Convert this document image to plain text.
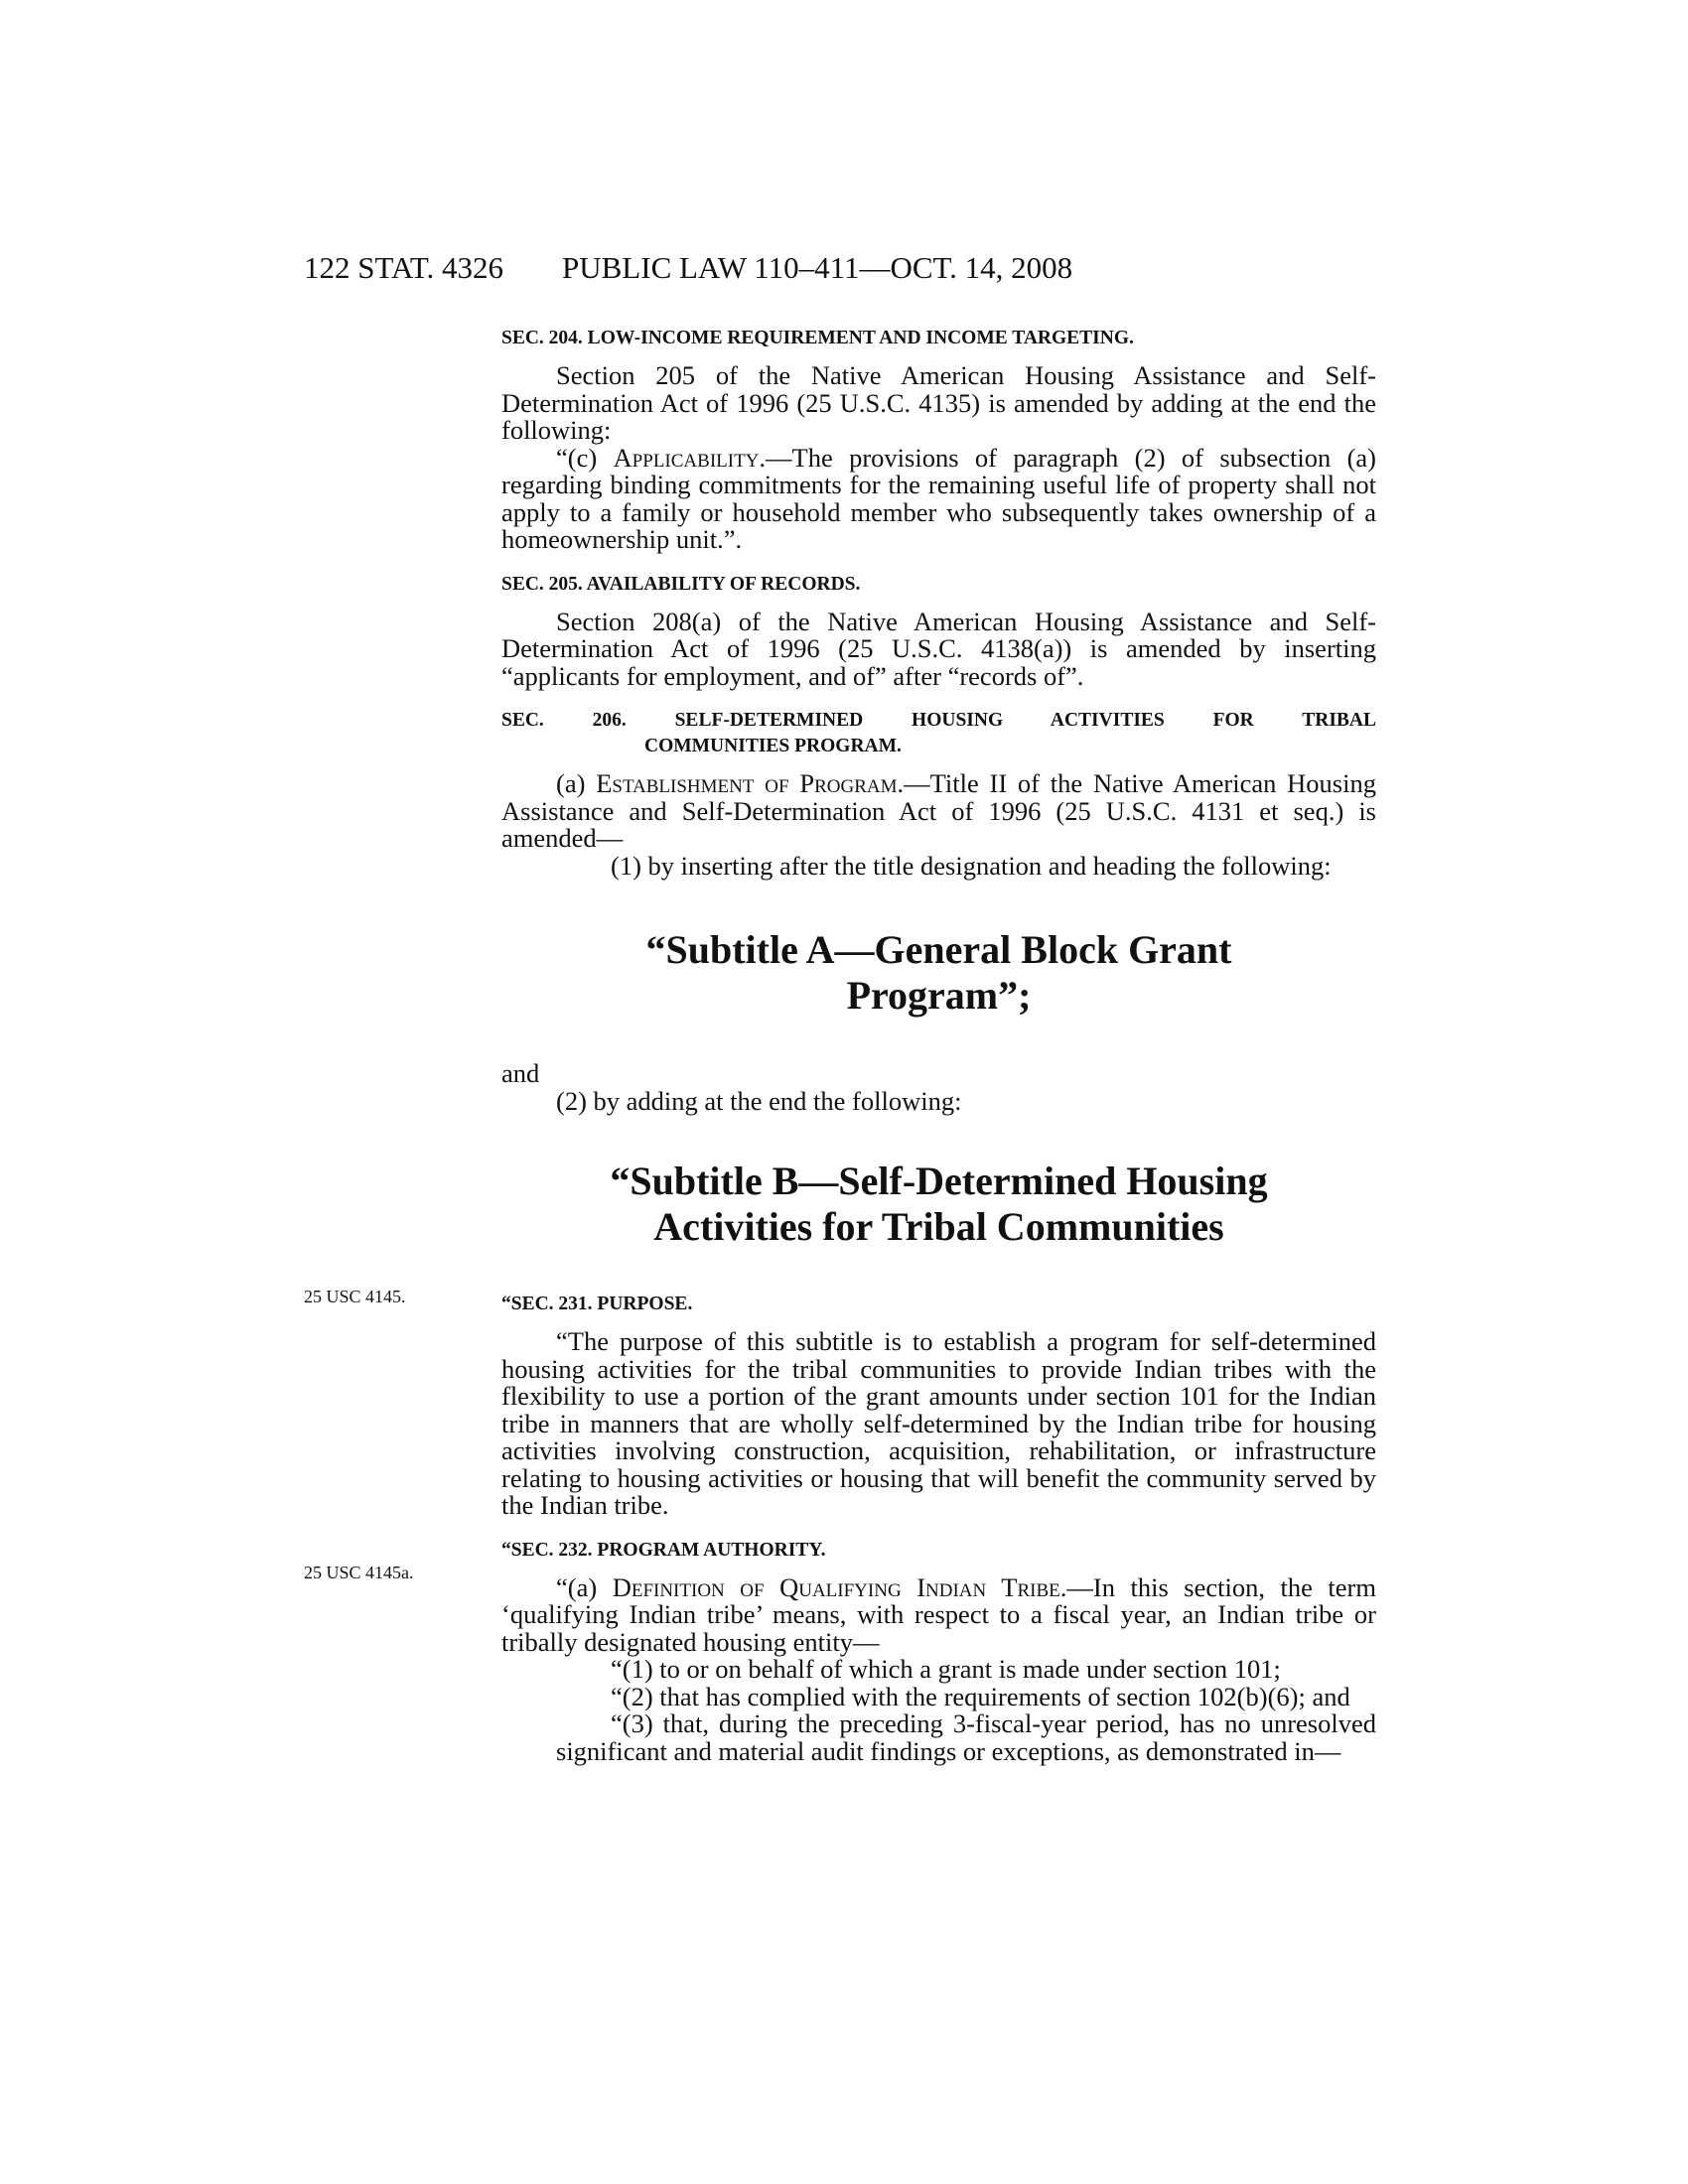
122 STAT. 4326 PUBLIC LAW 110–411—OCT. 14, 2008
25 USC 4145.
25 USC 4145a.
SEC. 204. LOW-INCOME REQUIREMENT AND INCOME TARGETING.

Section 205 of the Native American Housing Assistance and Self-Determination Act of 1996 (25 U.S.C. 4135) is amended by adding at the end the following:

“(c) Applicability.—The provisions of paragraph (2) of subsection (a) regarding binding commitments for the remaining useful life of property shall not apply to a family or household member who subsequently takes ownership of a homeownership unit.”.

SEC. 205. AVAILABILITY OF RECORDS.

Section 208(a) of the Native American Housing Assistance and Self-Determination Act of 1996 (25 U.S.C. 4138(a)) is amended by inserting “applicants for employment, and of” after “records of”.

SEC. 206. SELF-DETERMINED HOUSING ACTIVITIES FOR TRIBAL
COMMUNITIES PROGRAM.

(a) Establishment of Program.—Title II of the Native American Housing Assistance and Self-Determination Act of 1996 (25 U.S.C. 4131 et seq.) is amended—

(1) by inserting after the title designation and heading the following:

“Subtitle A—General Block Grant
Program”;

and

(2) by adding at the end the following:

“Subtitle B—Self-Determined Housing
Activities for Tribal Communities

“SEC. 231. PURPOSE.

“The purpose of this subtitle is to establish a program for self-determined housing activities for the tribal communities to provide Indian tribes with the flexibility to use a portion of the grant amounts under section 101 for the Indian tribe in manners that are wholly self-determined by the Indian tribe for housing activities involving construction, acquisition, rehabilitation, or infrastructure relating to housing activities or housing that will benefit the community served by the Indian tribe.

“SEC. 232. PROGRAM AUTHORITY.

“(a) Definition of Qualifying Indian Tribe.—In this section, the term ‘qualifying Indian tribe’ means, with respect to a fiscal year, an Indian tribe or tribally designated housing entity—

“(1) to or on behalf of which a grant is made under section 101;

“(2) that has complied with the requirements of section 102(b)(6); and

“(3) that, during the preceding 3-fiscal-year period, has no unresolved significant and material audit findings or exceptions, as demonstrated in—
